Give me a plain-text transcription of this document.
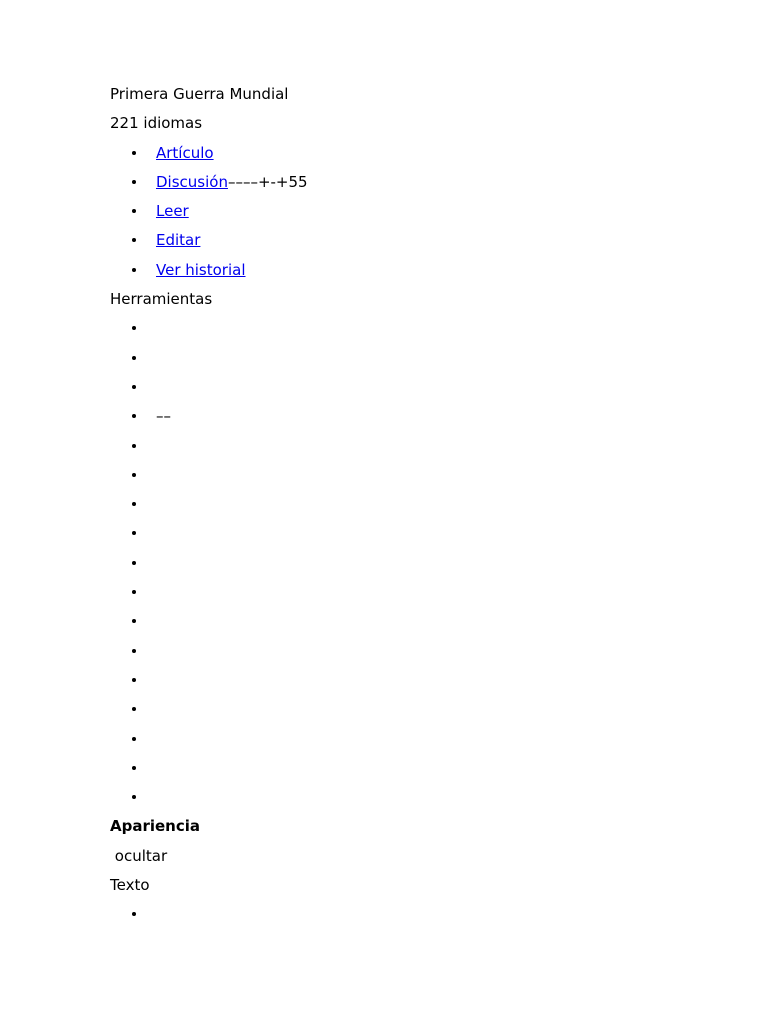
Primera Guerra Mundial
221 idiomas
Artículo
Discusión––––+-+55
Leer
Editar
Ver historial
Herramientas
––
Apariencia
ocultar
Texto
